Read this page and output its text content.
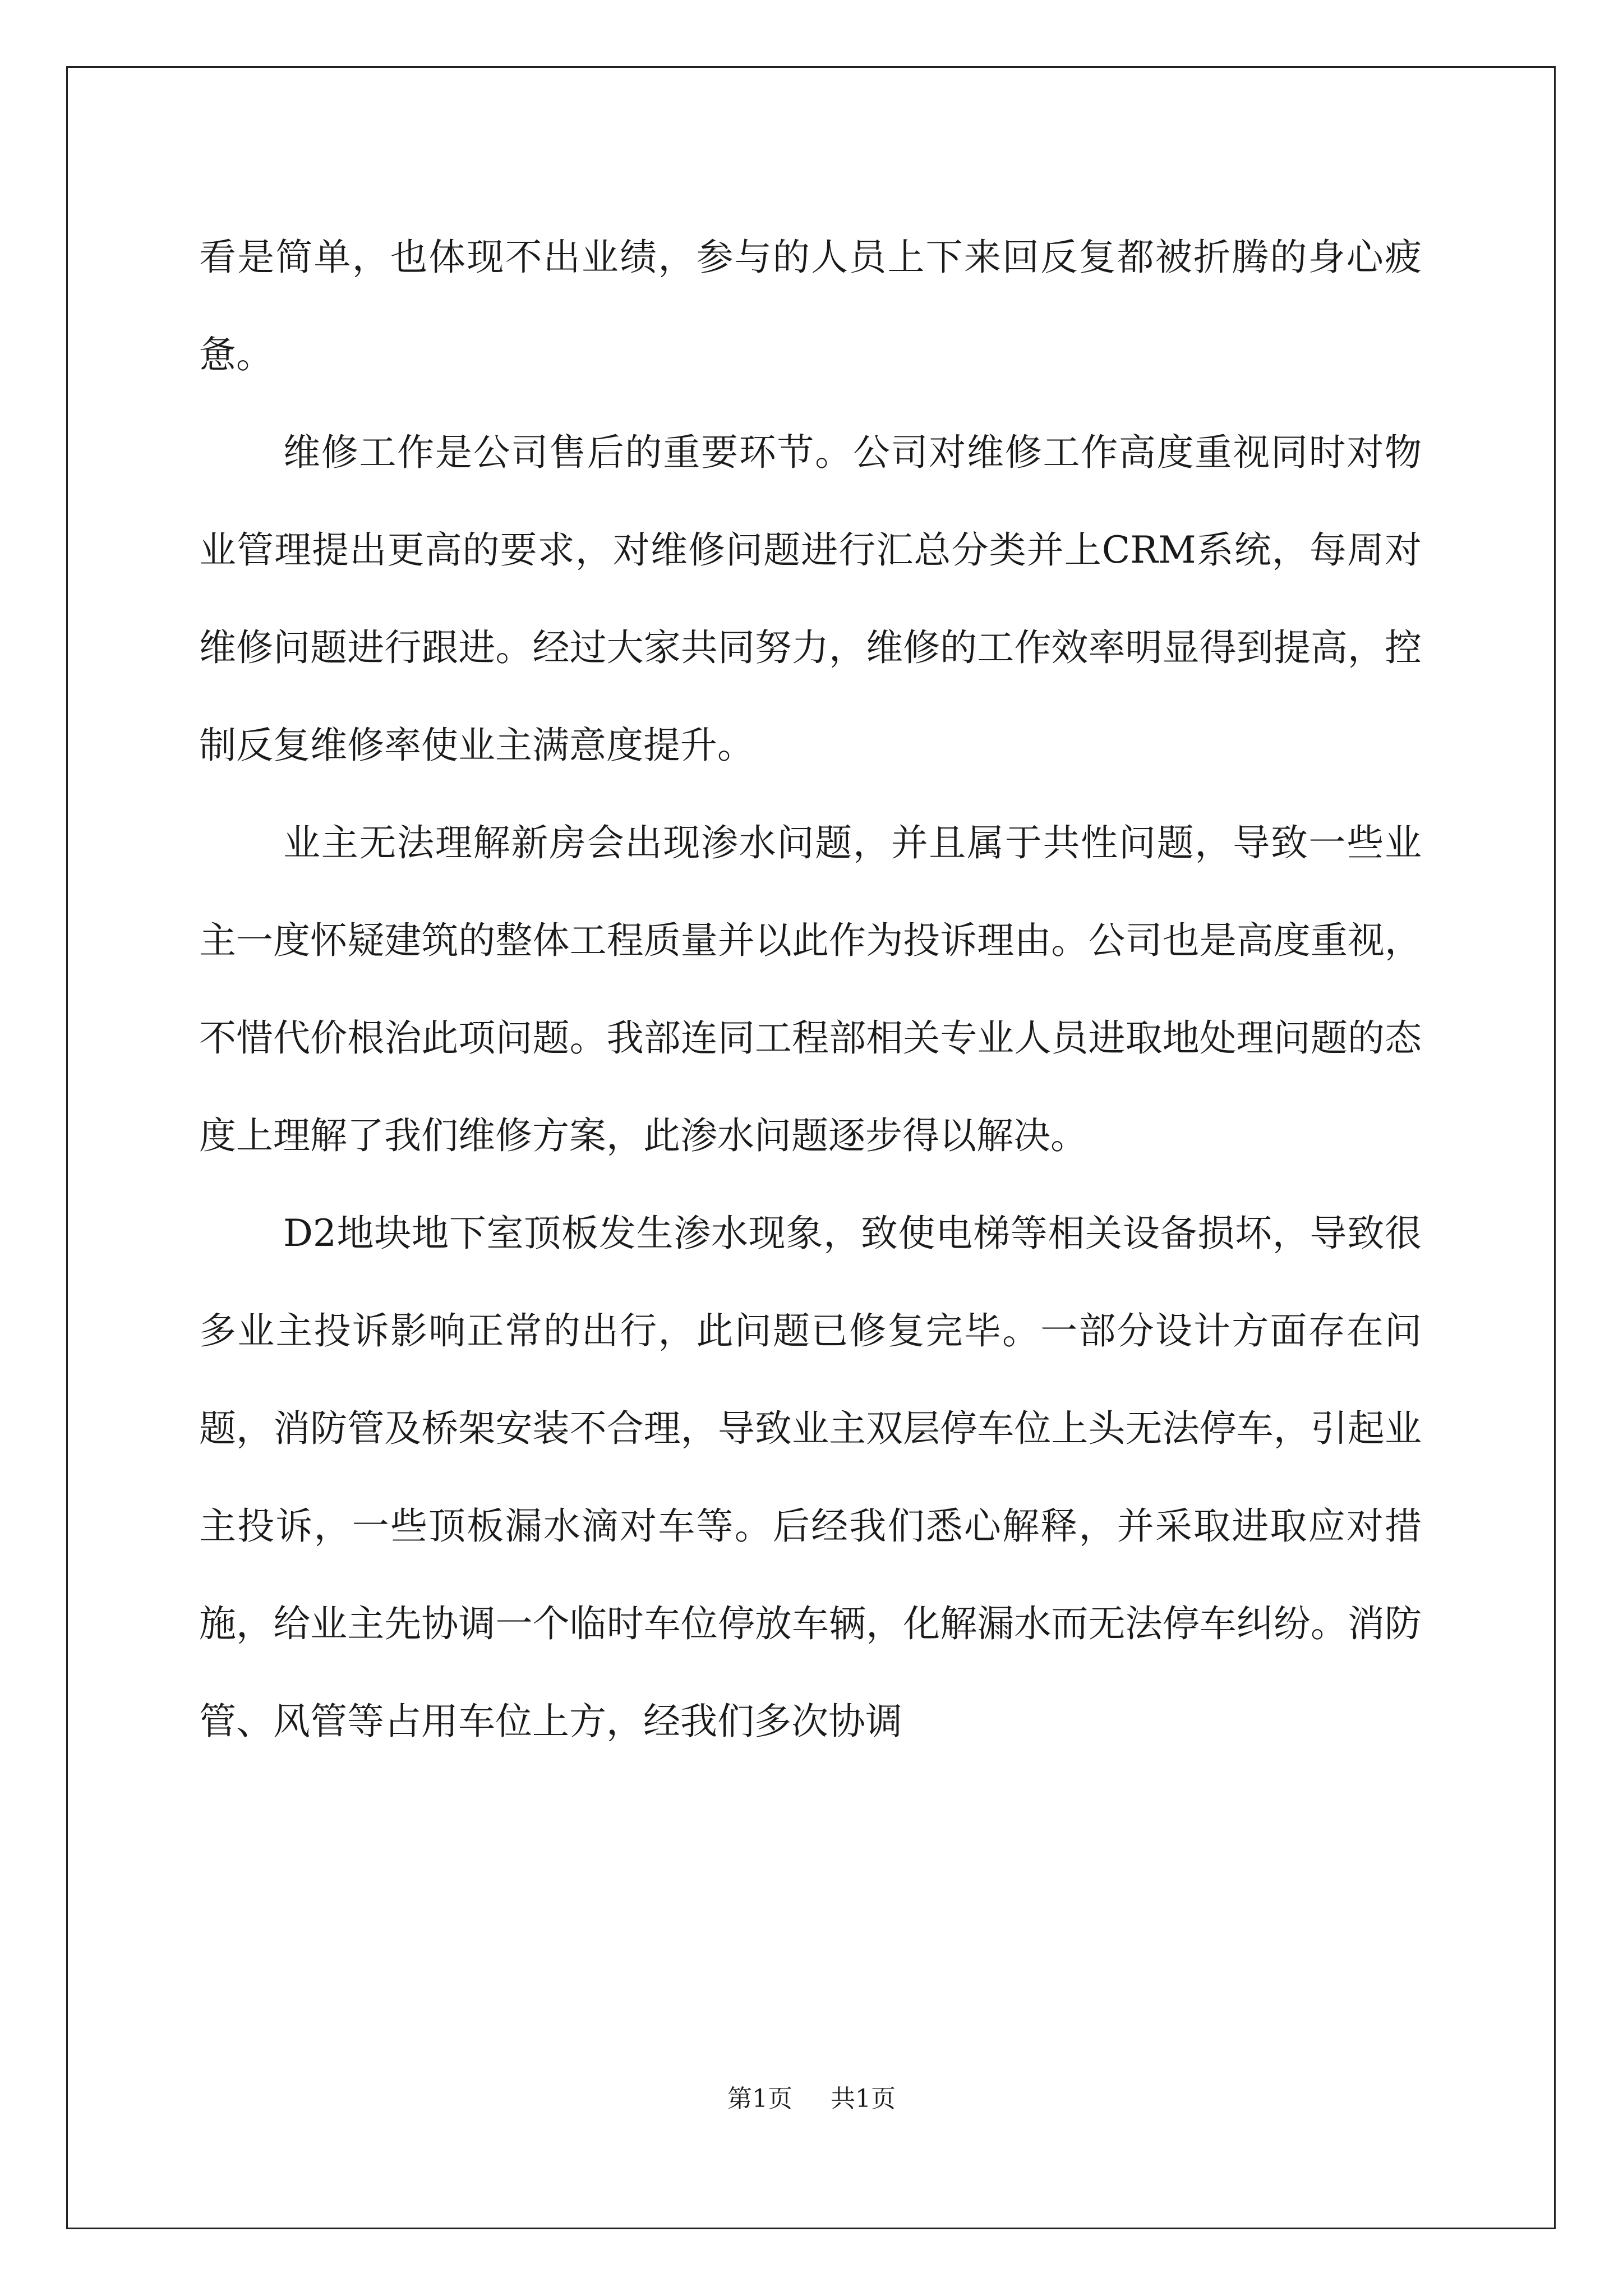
看是简单，也体现不出业绩，参与的人员上下来回反复都被折腾的身心疲惫。

维修工作是公司售后的重要环节。公司对维修工作高度重视同时对物业管理提出更高的要求，对维修问题进行汇总分类并上CRM系统，每周对维修问题进行跟进。经过大家共同努力，维修的工作效率明显得到提高，控制反复维修率使业主满意度提升。

业主无法理解新房会出现渗水问题，并且属于共性问题，导致一些业主一度怀疑建筑的整体工程质量并以此作为投诉理由。公司也是高度重视，不惜代价根治此项问题。我部连同工程部相关专业人员进取地处理问题的态度上理解了我们维修方案，此渗水问题逐步得以解决。

D2地块地下室顶板发生渗水现象，致使电梯等相关设备损坏，导致很多业主投诉影响正常的出行，此问题已修复完毕。一部分设计方面存在问题，消防管及桥架安装不合理，导致业主双层停车位上头无法停车，引起业主投诉，一些顶板漏水滴对车等。后经我们悉心解释，并采取进取应对措施，给业主先协调一个临时车位停放车辆，化解漏水而无法停车纠纷。消防管、风管等占用车位上方，经我们多次协调

第1页 共1页
